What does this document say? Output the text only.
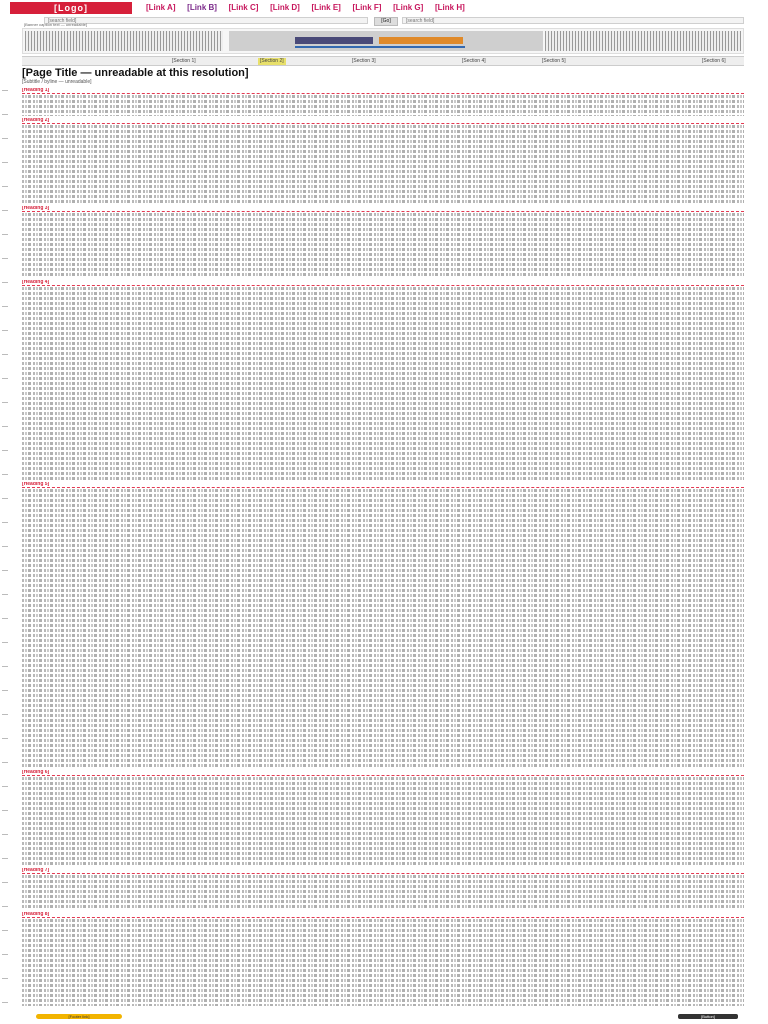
[Logo]	[Link A] [Link B] [Link C] [Link D] [Link E] [Link F] [Link G] [Link H]
[search field]
[Go]
[search field]
[Banner caption text — unreadable]
[Section 1]	[Section 2]	[Section 3]	[Section 4]	[Section 5]	[Section 6]
[Page Title — unreadable at this resolution]
[Subtitle / byline — unreadable]
[Heading 1]
[Heading 2]
[Heading 3]
[Heading 4]
[Heading 5]
[Heading 6]
[Heading 7]
[Heading 8]
[Footer link]	[Button]
